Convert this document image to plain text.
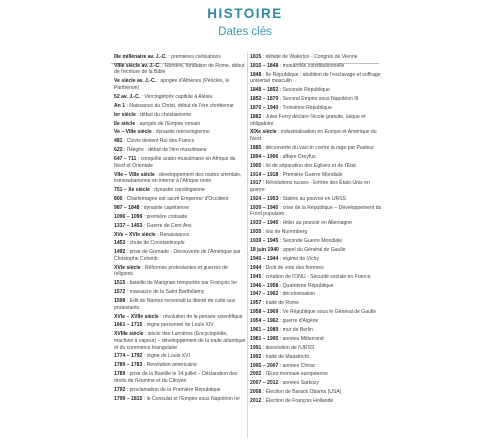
HISTOIRE
Dates clés

IIIe millénaire av. J.-C. : premières civilisations

VIIIe siècle av. J.-C. : Homère, fondation de Rome, début de l'écriture de la Bible

Ve siècle av. J.-C. : apogée d'Athènes (Périclès, le Parthénon)

52 av. J.-C. : Vercingétorix capitule à Alésia

An 1 : Naissance du Christ, début de l'ère chrétienne

Ier siècle : début du christianisme

IIe siècle : apogée de l'Empire romain

Ve – VIIIe siècle : dynastie mérovingienne

481 : Clovis devient Roi des Francs

622 : l'Hégire : début de l'ère musulmane

647 – 711 : conquête arabo-musulmane en Afrique du Nord et Orientale

VIIe – VIIIe siècle : développement des routes orientale, transsaharienne en interne à l'Afrique noire

751 – Xe siècle : dynastie carolingienne

800 : Charlemagne est sacré Empereur d'Occident

987 – 1848 : dynastie capétienne

1096 – 1099 : première croisade

1337 – 1453 : Guerre de Cent Ans

XVe – XVIe siècle : Renaissance

1453 : chute de Constantinople

1492 : prise de Grenade - Découverte de l'Amérique par Christophe Colomb

XVIe siècle : Réformes protestantes et guerres de religions

1515 : bataille de Marignan remportée par François Ier

1572 : massacre de la Saint Barthélemy

1598 : Edit de Nantes reconnaît la liberté de culte aux protestants

XVIe – XVIIe siècle : révolution de la pensée scientifique

1661 – 1715 : règne personnel de Louis XIV

XVIIIe siècle : siècle des Lumières (Encyclopédie, machine à vapeur) – développement de la traite atlantique et du commerce triangulaire

1774 – 1792 : règne de Louis XVI

1789 – 1783 : Révolution américaine

1789 : prise de la Bastille le 14 juillet – Déclaration des droits de l'Homme et du Citoyen

1792 : proclamation de la Première République

1799 – 1815 : le Consulat et l'Empire sous Napoléon Ier

1815 : défaite de Waterloo - Congrès de Vienne

1815 – 1848 : monarchie constitutionnelle

1848 : IIe République : abolition de l'esclavage et suffrage universel masculin

1848 – 1852 : Seconde République

1852 – 1870 : Second Empire sous Napoléon III

1870 – 1940 : Troisième République

1882 : Jules Ferry déclare l'école gratuite, laïque et obligatoire

XIXe siècle : industrialisation en Europe et Amérique du Nord

1885 : découverte du vaccin contre la rage par Pasteur

1894 – 1906 : affaire Dreyfus

1905 : loi de séparation des Églises et de l'État

1914 – 1918 : Première Guerre Mondiale

1917 : Révolutions russes - Entrée des États-Unis en guerre

1924 – 1953 : Staline au pouvoir en URSS

1930 – 1940 : crise de la République – Développement du Front populaire

1933 – 1945 : Hitler au pouvoir en Allemagne

1935 : lois de Nuremberg

1939 – 1945 : Seconde Guerre Mondiale

18 juin 1940 : appel du Général de Gaulle

1940 – 1944 : régime de Vichy

1944 : Droit de vote des femmes

1945 : création de l'ONU - Sécurité sociale en France

1946 – 1958 : Quatrième République

1947 – 1962 : décolonisation

1957 : traité de Rome

1958 – 1969 : Ve République sous le Général de Gaulle

1954 – 1962 : guerre d'Algérie

1961 – 1989 : mur de Berlin

1981 – 1995 : années Mitterrand

1991 : dissolution de l'URSS

1992 : traité de Maastricht

1995 – 2007 : années Chirac

2002 : l'Euro monnaie européenne

2007 – 2012 : années Sarkozy

2008 : Élection de Barack Obama (USA)

2012 : Élection de François Hollande
